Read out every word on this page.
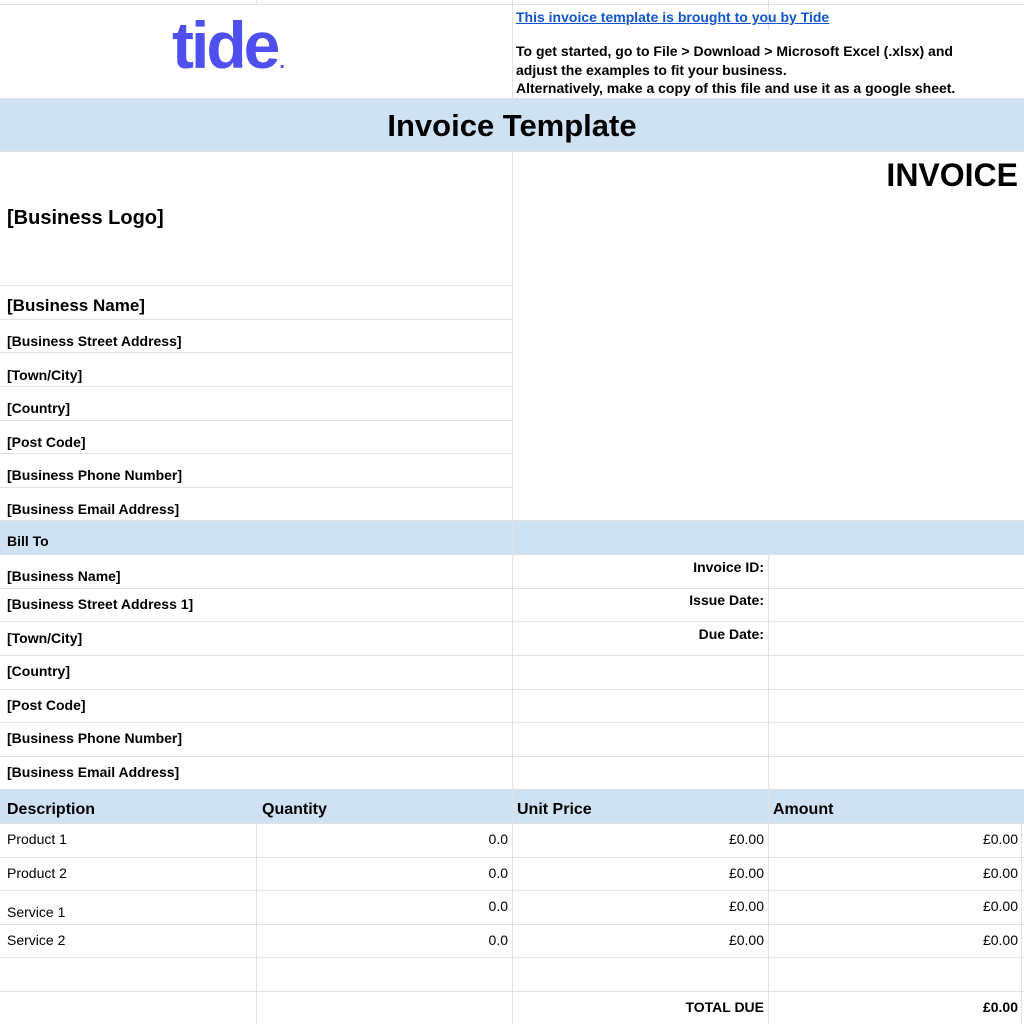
tide .
This invoice template is brought to you by Tide
To get started, go to File > Download > Microsoft Excel (.xlsx) and
adjust the examples to fit your business.
Alternatively, make a copy of this file and use it as a google sheet.
Invoice Template
INVOICE
[Business Logo]
[Business Name]
[Business Street Address]
[Town/City]
[Country]
[Post Code]
[Business Phone Number]
[Business Email Address]
Bill To
[Business Name]
[Business Street Address 1]
[Town/City]
[Country]
[Post Code]
[Business Phone Number]
[Business Email Address]
Invoice ID:
Issue Date:
Due Date:
Description	Quantity	Unit Price	Amount
Product 1	0.0	£0.00	£0.00
Product 2	0.0	£0.00	£0.00
Service 1	0.0	£0.00	£0.00
Service 2	0.0	£0.00	£0.00
TOTAL DUE	£0.00
